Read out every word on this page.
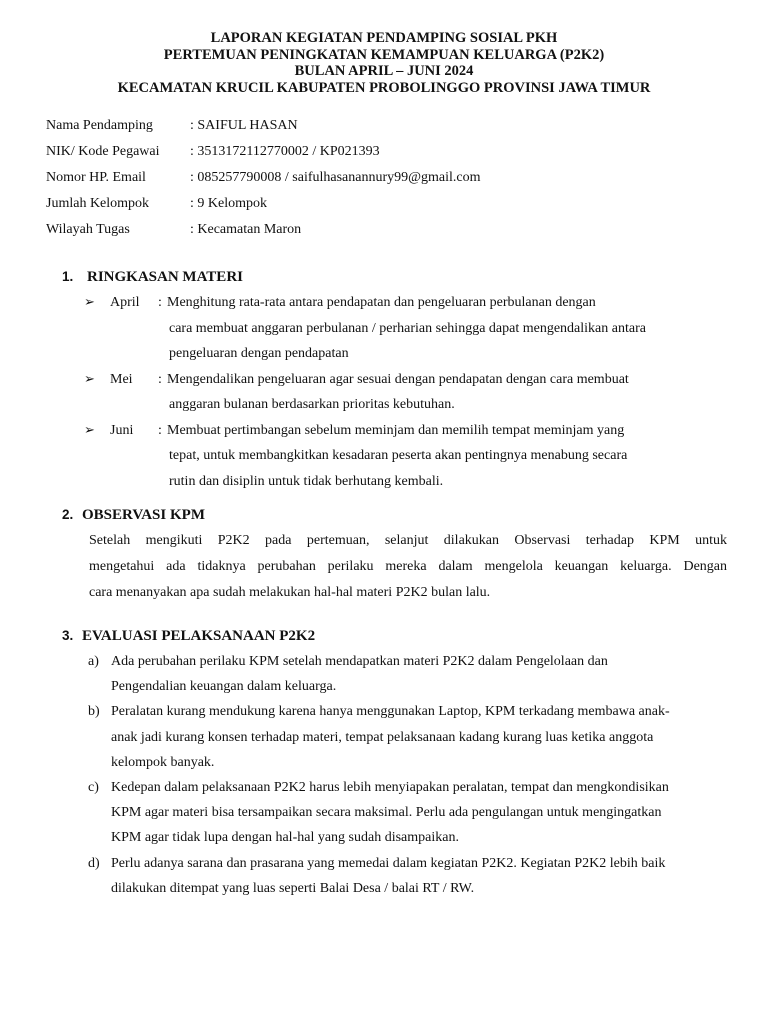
LAPORAN KEGIATAN PENDAMPING SOSIAL PKH
PERTEMUAN PENINGKATAN KEMAMPUAN KELUARGA (P2K2)
BULAN APRIL – JUNI 2024
KECAMATAN KRUCIL KABUPATEN PROBOLINGGO PROVINSI JAWA TIMUR
Nama Pendamping	: SAIFUL HASAN
NIK/ Kode Pegawai	: 3513172112770002 / KP021393
Nomor HP. Email	: 085257790008 / saifulhasanannury99@gmail.com
Jumlah Kelompok	: 9 Kelompok
Wilayah Tugas	: Kecamatan Maron
1. RINGKASAN MATERI
➢	April	: Menghitung rata-rata antara pendapatan dan pengeluaran perbulanan dengan
cara membuat anggaran perbulanan / perharian sehingga dapat mengendalikan antara
pengeluaran dengan pendapatan
➢	Mei	: Mengendalikan pengeluaran agar sesuai dengan pendapatan dengan cara membuat
anggaran bulanan berdasarkan prioritas kebutuhan.
➢	Juni	: Membuat pertimbangan sebelum meminjam dan memilih tempat meminjam yang
tepat, untuk membangkitkan kesadaran peserta akan pentingnya menabung secara
rutin dan disiplin untuk tidak berhutang kembali.
2. OBSERVASI KPM
Setelah mengikuti P2K2 pada pertemuan, selanjut dilakukan Observasi terhadap KPM untuk
mengetahui ada tidaknya perubahan perilaku mereka dalam mengelola keuangan keluarga. Dengan
cara menanyakan apa sudah melakukan hal-hal materi P2K2 bulan lalu.
3. EVALUASI PELAKSANAAN P2K2
a) Ada perubahan perilaku KPM setelah mendapatkan materi P2K2 dalam Pengelolaan dan
Pengendalian keuangan dalam keluarga.
b) Peralatan kurang mendukung karena hanya menggunakan Laptop, KPM terkadang membawa anak-
anak jadi kurang konsen terhadap materi, tempat pelaksanaan kadang kurang luas ketika anggota
kelompok banyak.
c) Kedepan dalam pelaksanaan P2K2 harus lebih menyiapakan peralatan, tempat dan mengkondisikan
KPM agar materi bisa tersampaikan secara maksimal. Perlu ada pengulangan untuk mengingatkan
KPM agar tidak lupa dengan hal-hal yang sudah disampaikan.
d) Perlu adanya sarana dan prasarana yang memedai dalam kegiatan P2K2. Kegiatan P2K2 lebih baik
dilakukan ditempat yang luas seperti Balai Desa / balai RT / RW.
